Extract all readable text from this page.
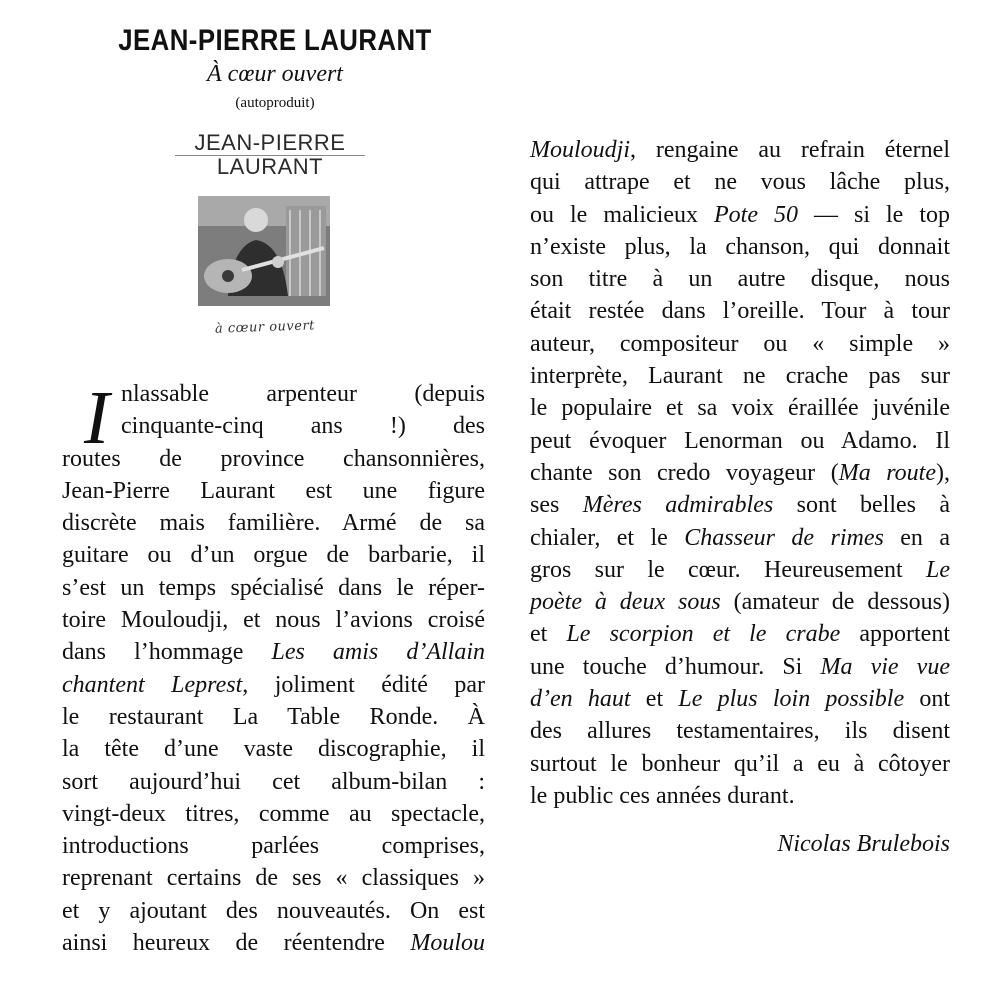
JEAN-PIERRE LAURANT
À cœur ouvert
(autoproduit)
JEAN-PIERRE
LAURANT
à cœur ouvert
I nlassable arpenteur (depuis
cinquante-cinq ans !) des
routes de province chansonnières,
Jean-Pierre Laurant est une figure
discrète mais familière. Armé de sa
guitare ou d’un orgue de barbarie, il
s’est un temps spécialisé dans le réper-
toire Mouloudji, et nous l’avions croisé
dans l’hommage Les amis d’Allain
chantent Leprest, joliment édité par
le restaurant La Table Ronde. À
la tête d’une vaste discographie, il
sort aujourd’hui cet album-bilan :
vingt-deux titres, comme au spectacle,
introductions parlées comprises,
reprenant certains de ses « classiques »
et y ajoutant des nouveautés. On est
ainsi heureux de réentendre Moulou
Mouloudji, rengaine au refrain éternel
qui attrape et ne vous lâche plus,
ou le malicieux Pote 50 — si le top
n’existe plus, la chanson, qui donnait
son titre à un autre disque, nous
était restée dans l’oreille. Tour à tour
auteur, compositeur ou « simple »
interprète, Laurant ne crache pas sur
le populaire et sa voix éraillée juvénile
peut évoquer Lenorman ou Adamo. Il
chante son credo voyageur (Ma route),
ses Mères admirables sont belles à
chialer, et le Chasseur de rimes en a
gros sur le cœur. Heureusement Le
poète à deux sous (amateur de dessous)
et Le scorpion et le crabe apportent
une touche d’humour. Si Ma vie vue
d’en haut et Le plus loin possible ont
des allures testamentaires, ils disent
surtout le bonheur qu’il a eu à côtoyer
le public ces années durant.
Nicolas Brulebois
